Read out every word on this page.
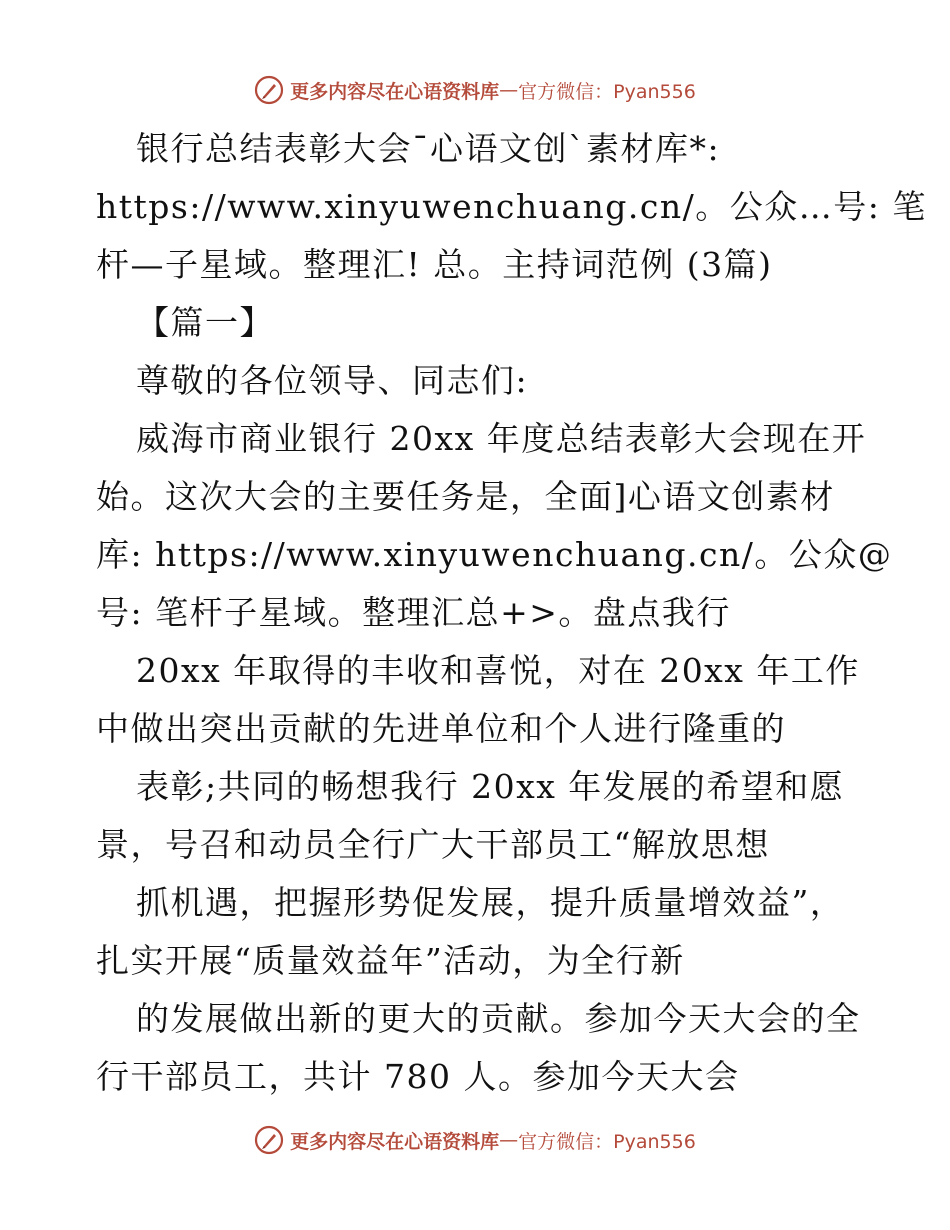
更多内容尽在心语资料库 — 官方微信：Pyan556
银行总结表彰大会¯心语文创`素材库*:
https://www.xinyuwenchuang.cn/。公众…号: 笔
杆—子星域。整理汇! 总。主持词范例 (3篇)
【篇一】
尊敬的各位领导、同志们:
威海市商业银行 20xx 年度总结表彰大会现在开
始。这次大会的主要任务是，全面]心语文创素材
库: https://www.xinyuwenchuang.cn/。公众@
号: 笔杆子星域。整理汇总+>。盘点我行
20xx 年取得的丰收和喜悦，对在 20xx 年工作
中做出突出贡献的先进单位和个人进行隆重的
表彰;共同的畅想我行 20xx 年发展的希望和愿
景，号召和动员全行广大干部员工“解放思想
抓机遇，把握形势促发展，提升质量增效益”，
扎实开展“质量效益年”活动，为全行新
的发展做出新的更大的贡献。参加今天大会的全
行干部员工，共计 780 人。参加今天大会
更多内容尽在心语资料库 — 官方微信：Pyan556
